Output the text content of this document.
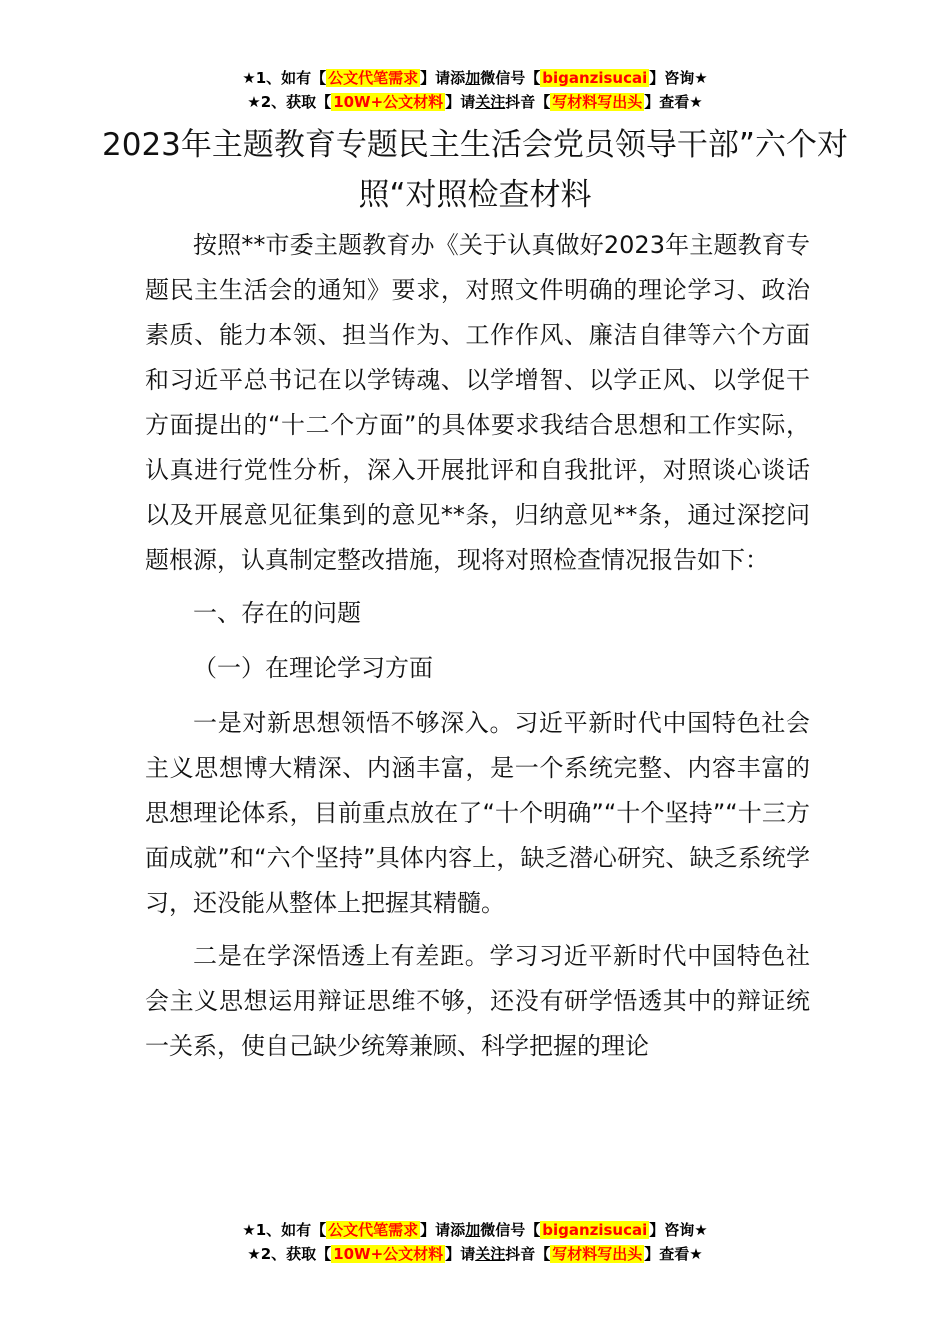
★1、如有【 公文代笔需求 】请添加微信号【 biganzisucai 】咨询★
★2、获取【 10W+公文材料 】请关注抖音【 写材料写出头 】查看★
2023年主题教育专题民主生活会党员领导干部”六个对照“对照检查材料

按照**市委主题教育办《关于认真做好2023年主题教育专题民主生活会的通知》要求，对照文件明确的理论学习、政治素质、能力本领、担当作为、工作作风、廉洁自律等六个方面和习近平总书记在以学铸魂、以学增智、以学正风、以学促干方面提出的“十二个方面”的具体要求我结合思想和工作实际，认真进行党性分析，深入开展批评和自我批评，对照谈心谈话以及开展意见征集到的意见**条，归纳意见**条，通过深挖问题根源，认真制定整改措施，现将对照检查情况报告如下：

一、存在的问题

（一）在理论学习方面

一是对新思想领悟不够深入。习近平新时代中国特色社会主义思想博大精深、内涵丰富，是一个系统完整、内容丰富的思想理论体系，目前重点放在了“十个明确”“十个坚持”“十三方面成就”和“六个坚持”具体内容上，缺乏潜心研究、缺乏系统学习，还没能从整体上把握其精髓。

二是在学深悟透上有差距。学习习近平新时代中国特色社会主义思想运用辩证思维不够，还没有研学悟透其中的辩证统一关系，使自己缺少统筹兼顾、科学把握的理论

★1、如有【 公文代笔需求 】请添加微信号【 biganzisucai 】咨询★
★2、获取【 10W+公文材料 】请关注抖音【 写材料写出头 】查看★
